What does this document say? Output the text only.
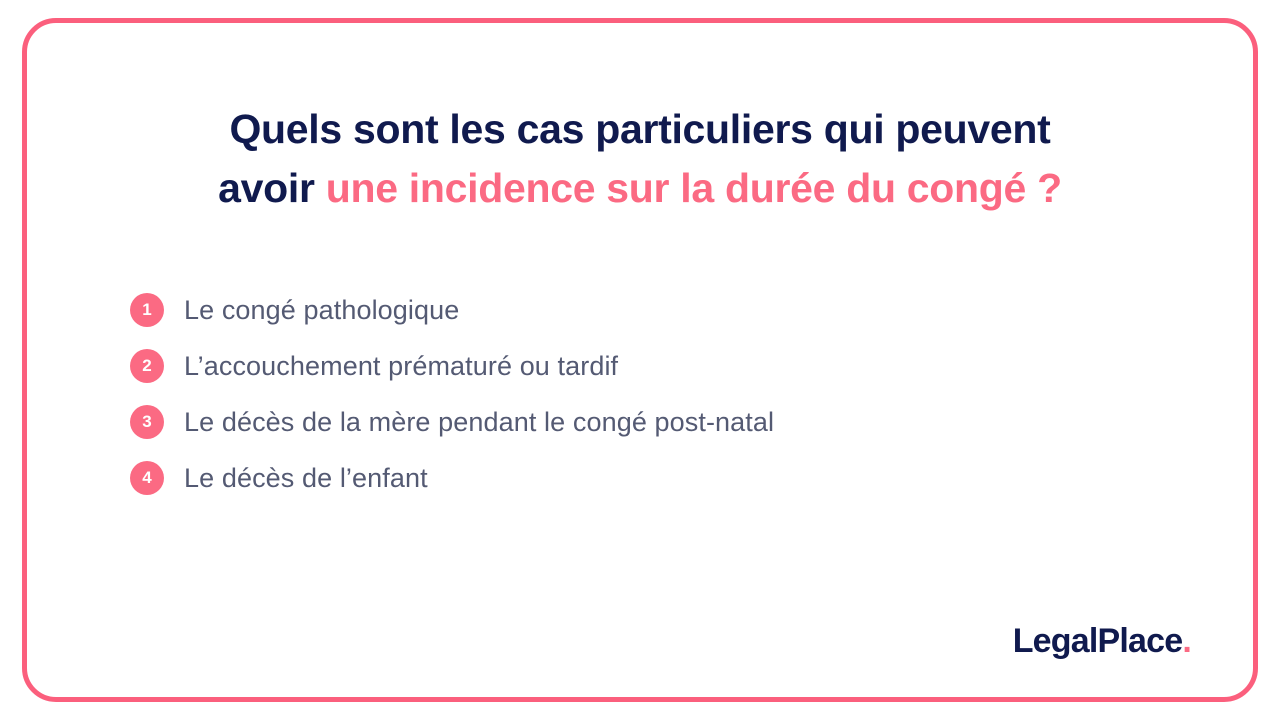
Quels sont les cas particuliers qui peuvent
avoir une incidence sur la durée du congé ?
1	Le congé pathologique
2	L’accouchement prématuré ou tardif
3	Le décès de la mère pendant le congé post-natal
4	Le décès de l’enfant
LegalPlace.
